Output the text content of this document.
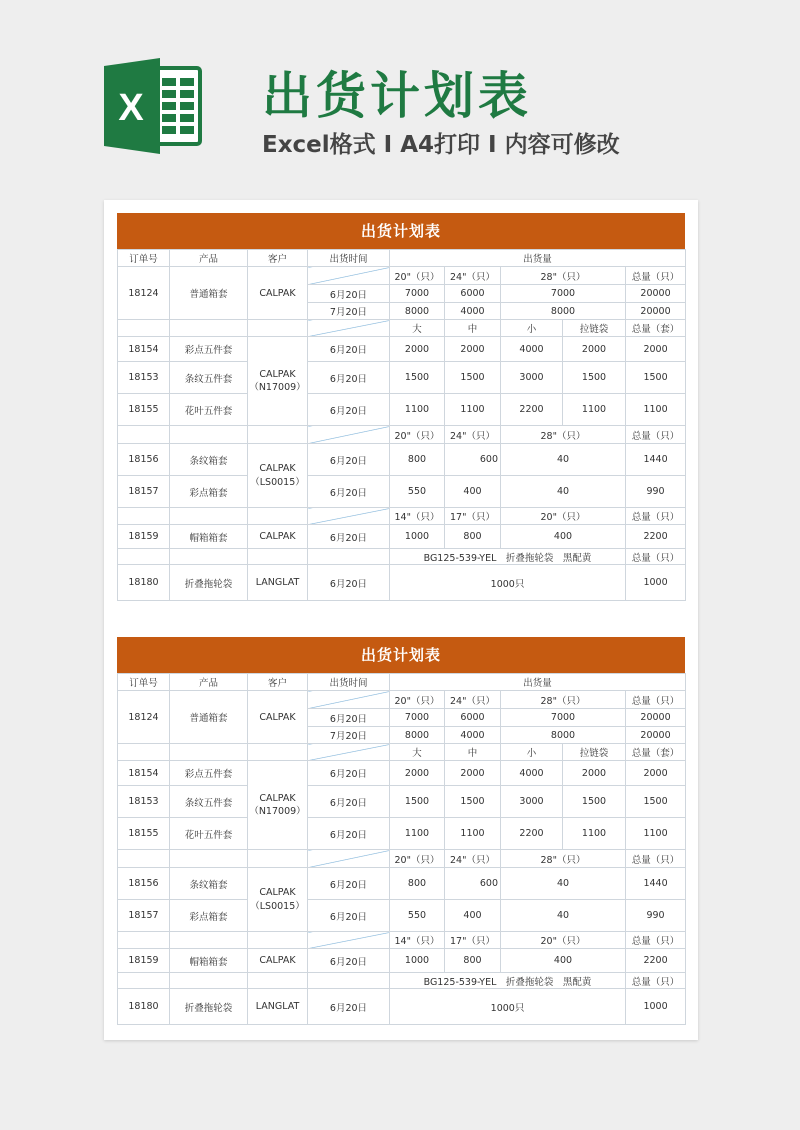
X 出货计划表
Excel格式 I A4打印 I 内容可修改
出货计划表
订单号	产品	客户	出货时间	出货量				
18124	普通箱套	CALPAK		20"（只）	24"（只）	28"（只）		总量（只）
			6月20日	7000	6000	7000		20000
			7月20日	8000	4000	8000		20000
				大	中	小	拉链袋	总量（套）
18154	彩点五件套	CALPAK（N17009）	6月20日	2000	2000	4000	2000	2000
18153	条纹五件套		6月20日	1500	1500	3000	1500	1500
18155	花叶五件套		6月20日	1100	1100	2200	1100	1100
				20"（只）	24"（只）	28"（只）		总量（只）
18156	条纹箱套	CALPAK（LS0015）	6月20日	800	600	40		1440
18157	彩点箱套		6月20日	550	400	40		990
				14"（只）	17"（只）	20"（只）		总量（只）
18159	帽箱箱套	CALPAK	6月20日	1000	800	400		2200
				BG125-539-YEL　折叠拖轮袋　黑配黄				总量（只）
18180	折叠拖轮袋	LANGLAT	6月20日	1000只				1000
出货计划表
订单号	产品	客户	出货时间	出货量				
18124	普通箱套	CALPAK		20"（只）	24"（只）	28"（只）		总量（只）
			6月20日	7000	6000	7000		20000
			7月20日	8000	4000	8000		20000
				大	中	小	拉链袋	总量（套）
18154	彩点五件套	CALPAK（N17009）	6月20日	2000	2000	4000	2000	2000
18153	条纹五件套		6月20日	1500	1500	3000	1500	1500
18155	花叶五件套		6月20日	1100	1100	2200	1100	1100
				20"（只）	24"（只）	28"（只）		总量（只）
18156	条纹箱套	CALPAK（LS0015）	6月20日	800	600	40		1440
18157	彩点箱套		6月20日	550	400	40		990
				14"（只）	17"（只）	20"（只）		总量（只）
18159	帽箱箱套	CALPAK	6月20日	1000	800	400		2200
				BG125-539-YEL　折叠拖轮袋　黑配黄				总量（只）
18180	折叠拖轮袋	LANGLAT	6月20日	1000只				1000
